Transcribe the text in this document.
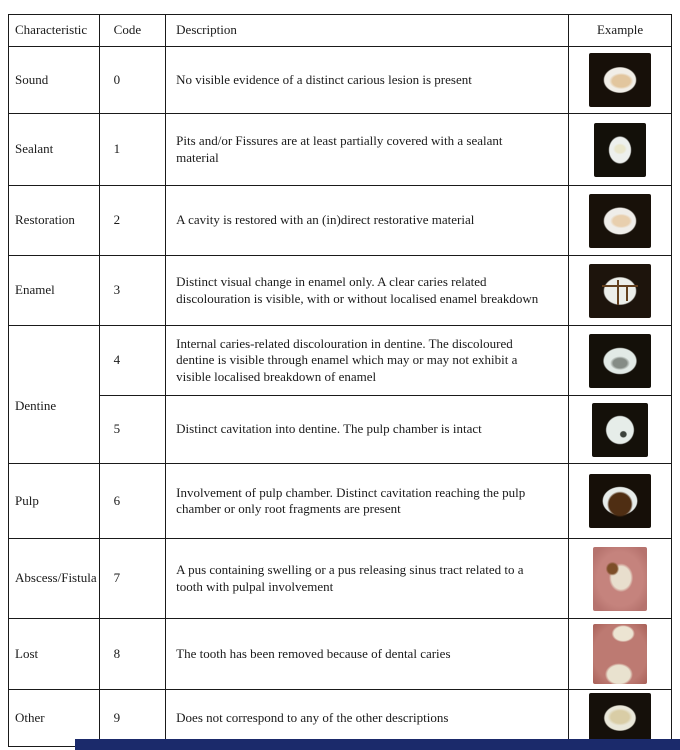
Characteristic	Code	Description	Example
Sound	0	No visible evidence of a distinct carious lesion is present	
Sealant	1	Pits and/or Fissures are at least partially covered with a sealant material	
Restoration	2	A cavity is restored with an (in)direct restorative material	
Enamel	3	Distinct visual change in enamel only. A clear caries related discolouration is visible, with or without localised enamel breakdown	
Dentine	4	Internal caries-related discolouration in dentine. The discoloured dentine is visible through enamel which may or may not exhibit a visible localised breakdown of enamel	
	5	Distinct cavitation into dentine. The pulp chamber is intact	
Pulp	6	Involvement of pulp chamber. Distinct cavitation reaching the pulp chamber or only root fragments are present	
Abscess/Fistula	7	A pus containing swelling or a pus releasing sinus tract related to a tooth with pulpal involvement	
Lost	8	The tooth has been removed because of dental caries	
Other	9	Does not correspond to any of the other descriptions	
